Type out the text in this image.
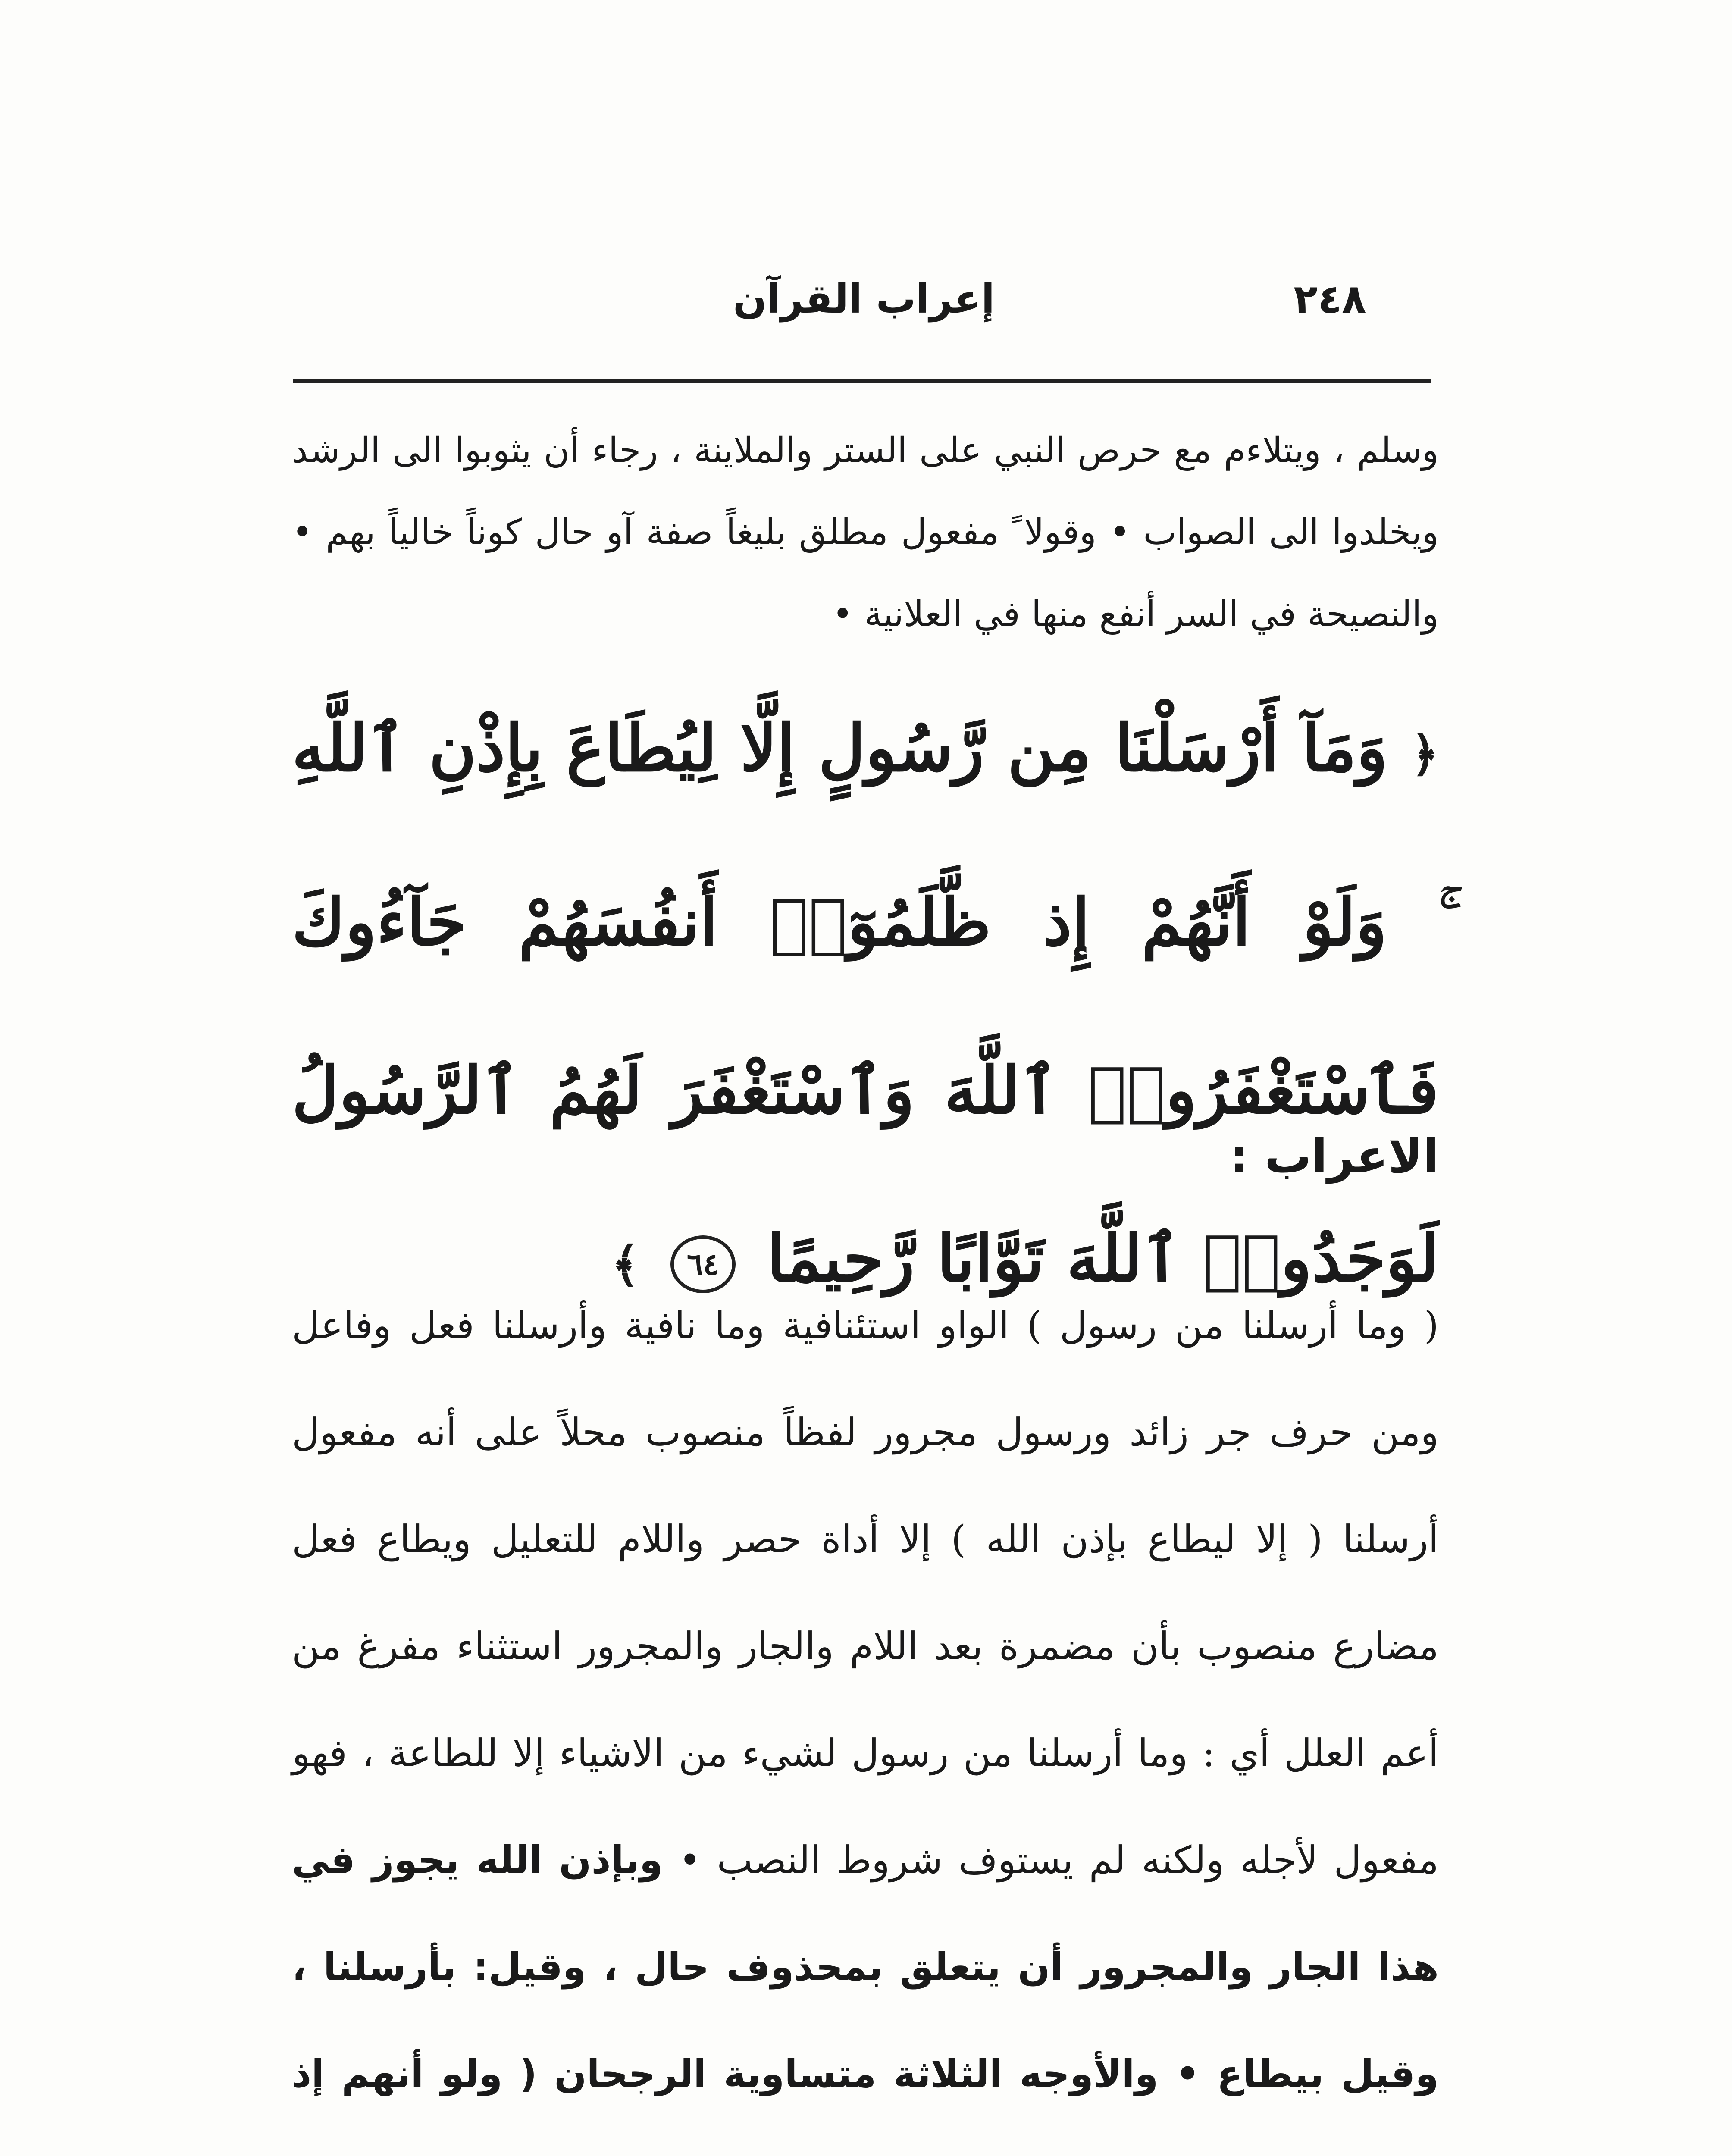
٢٤٨
إعراب القرآن
وسلم ، ويتلاءم مع حرص النبي على الستر والملاينة ، رجاء أن يثوبوا الى الرشد ويخلدوا الى الصواب • وقولا ً مفعول مطلق بليغاً صفة آو حال كوناً خالياً بهم • والنصيحة في السر أنفع منها في العلانية •
﴿ وَمَآ أَرْسَلْنَا مِن رَّسُولٍ إِلَّا لِيُطَاعَ بِإِذْنِ ٱللَّهِ ۚ وَلَوْ أَنَّهُمْ إِذ ظَّلَمُوٓا۟ أَنفُسَهُمْ جَآءُوكَ فَٱسْتَغْفَرُوا۟ ٱللَّهَ وَٱسْتَغْفَرَ لَهُمُ ٱلرَّسُولُ لَوَجَدُوا۟ ٱللَّهَ تَوَّابًا رَّحِيمًا ٦٤ ﴾
الاعراب :
( وما أرسلنا من رسول ) الواو استئنافية وما نافية وأرسلنا فعل وفاعل ومن حرف جر زائد ورسول مجرور لفظاً منصوب محلاً على أنه مفعول أرسلنا ( إلا ليطاع بإذن الله ) إلا أداة حصر واللام للتعليل ويطاع فعل مضارع منصوب بأن مضمرة بعد اللام والجار والمجرور استثناء مفرغ من أعم العلل أي : وما أرسلنا من رسول لشيء من الاشياء إلا للطاعة ، فهو مفعول لأجله ولكنه لم يستوف شروط النصب • وبإذن الله يجوز في هذا الجار والمجرور أن يتعلق بمحذوف حال ، وقيل: بأرسلنا ، وقيل بيطاع • والأوجه الثلاثة متساوية الرجحان ( ولو أنهم إذ
